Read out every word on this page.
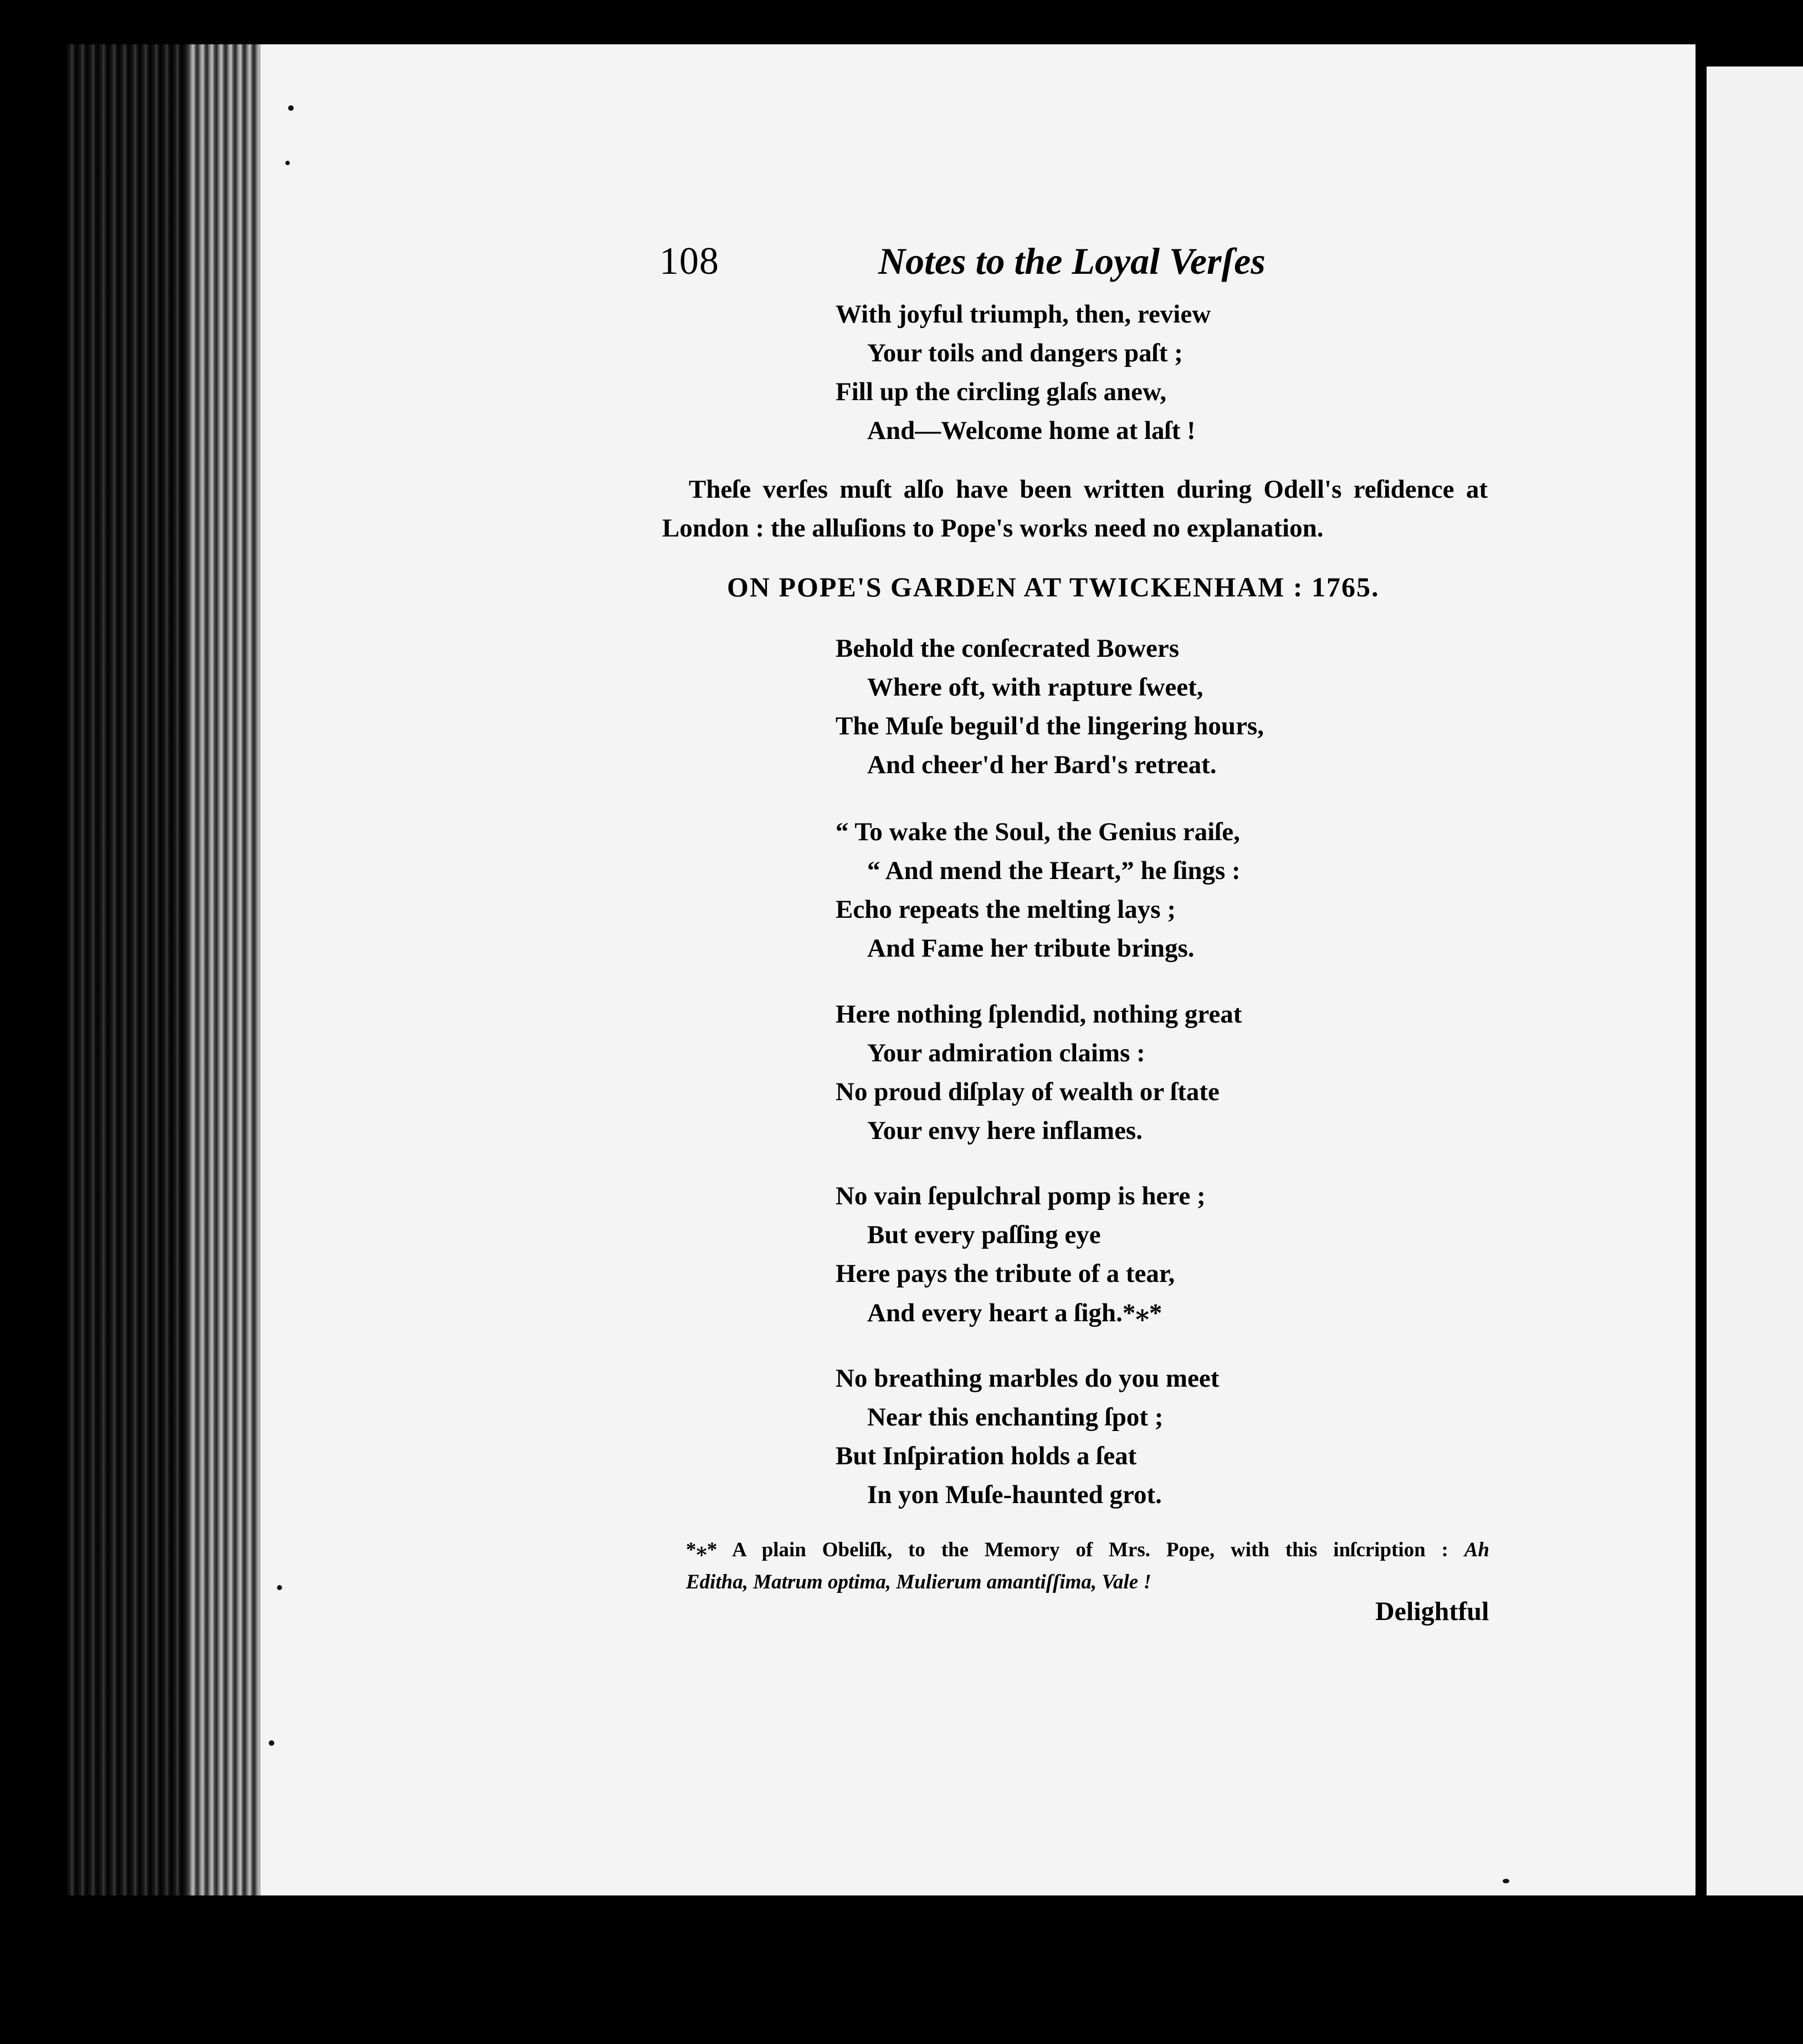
108	Notes to the Loyal Verſes
With joyful triumph, then, review
Your toils and dangers paſt ;
Fill up the circling glaſs anew,
And—Welcome home at laſt !
Theſe verſes muſt alſo have been written during Odell's reſidence at
London : the alluſions to Pope's works need no explanation.
ON POPE'S GARDEN AT TWICKENHAM : 1765.
Behold the conſecrated Bowers
Where oft, with rapture ſweet,
The Muſe beguil'd the lingering hours,
And cheer'd her Bard's retreat.
“ To wake the Soul, the Genius raiſe,
“ And mend the Heart,” he ſings :
Echo repeats the melting lays ;
And Fame her tribute brings.
Here nothing ſplendid, nothing great
Your admiration claims :
No proud diſplay of wealth or ſtate
Your envy here inflames.
No vain ſepulchral pomp is here ;
But every paſſing eye
Here pays the tribute of a tear,
And every heart a ſigh.*⁎*
No breathing marbles do you meet
Near this enchanting ſpot ;
But Inſpiration holds a ſeat
In yon Muſe-haunted grot.
*⁎* A plain Obeliſk, to the Memory of Mrs. Pope, with this inſcription : Ah
Editha, Matrum optima, Mulierum amantiſſima, Vale !
Delightful
